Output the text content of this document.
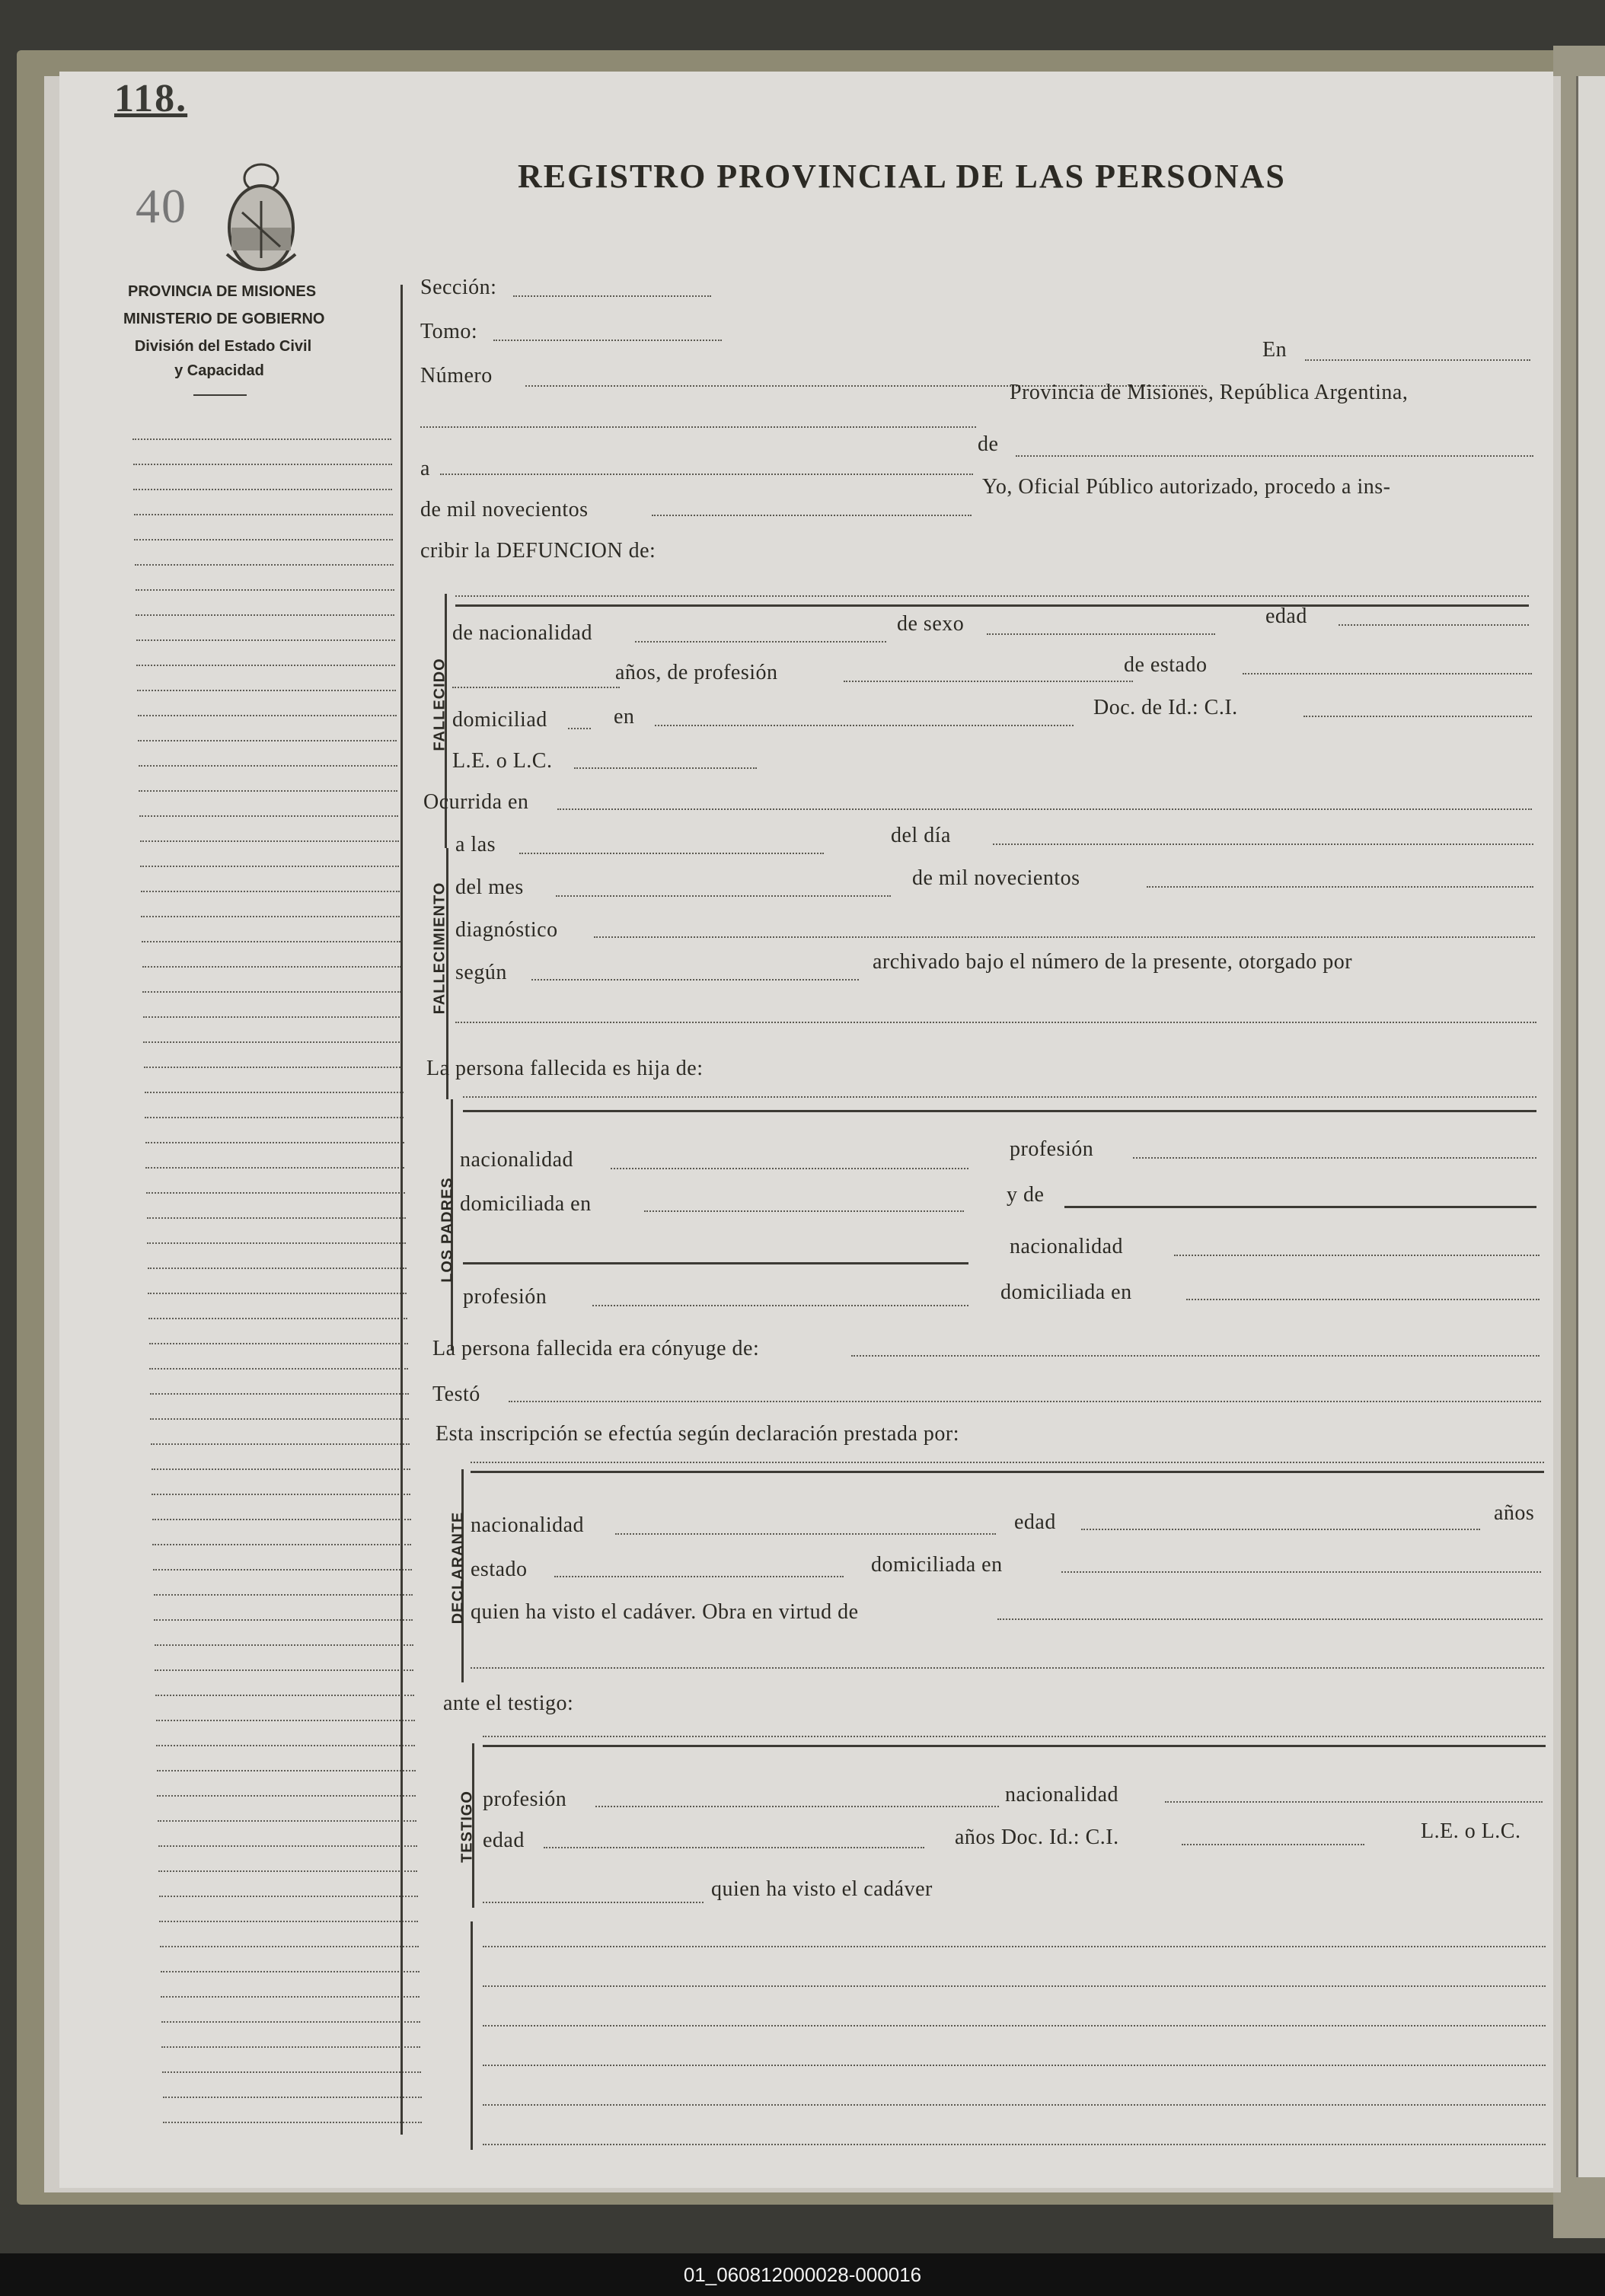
118.
40
REGISTRO PROVINCIAL DE LAS PERSONAS
PROVINCIA DE MISIONES
MINISTERIO DE GOBIERNO
División del Estado Civil
y Capacidad
Sección:
Tomo:
Número
En
Provincia de Misiones, República Argentina,
a
de
de mil novecientos
Yo, Oficial Público autorizado, procedo a ins-
cribir la DEFUNCION de:
FALLECIDO
de nacionalidad	de sexo	edad
años, de profesión	de estado
domiciliad	en	Doc. de Id.: C.I.
L.E. o L.C.
Ocurrida en
FALLECIMIENTO
a las	del día
del mes	de mil novecientos
diagnóstico
según	archivado bajo el número de la presente, otorgado por
La persona fallecida es hija de:
LOS PADRES
nacionalidad	profesión
domiciliada en	y de
nacionalidad
profesión	domiciliada en
La persona fallecida era cónyuge de:
Testó
Esta inscripción se efectúa según declaración prestada por:
DECLARANTE nacionalidad	edad	años
estado	domiciliada en
quien ha visto el cadáver. Obra en virtud de
ante el testigo:
TESTIGO profesión	nacionalidad
edad	años Doc. Id.: C.I.	L.E. o L.C.
quien ha visto el cadáver
01_060812000028-000016
